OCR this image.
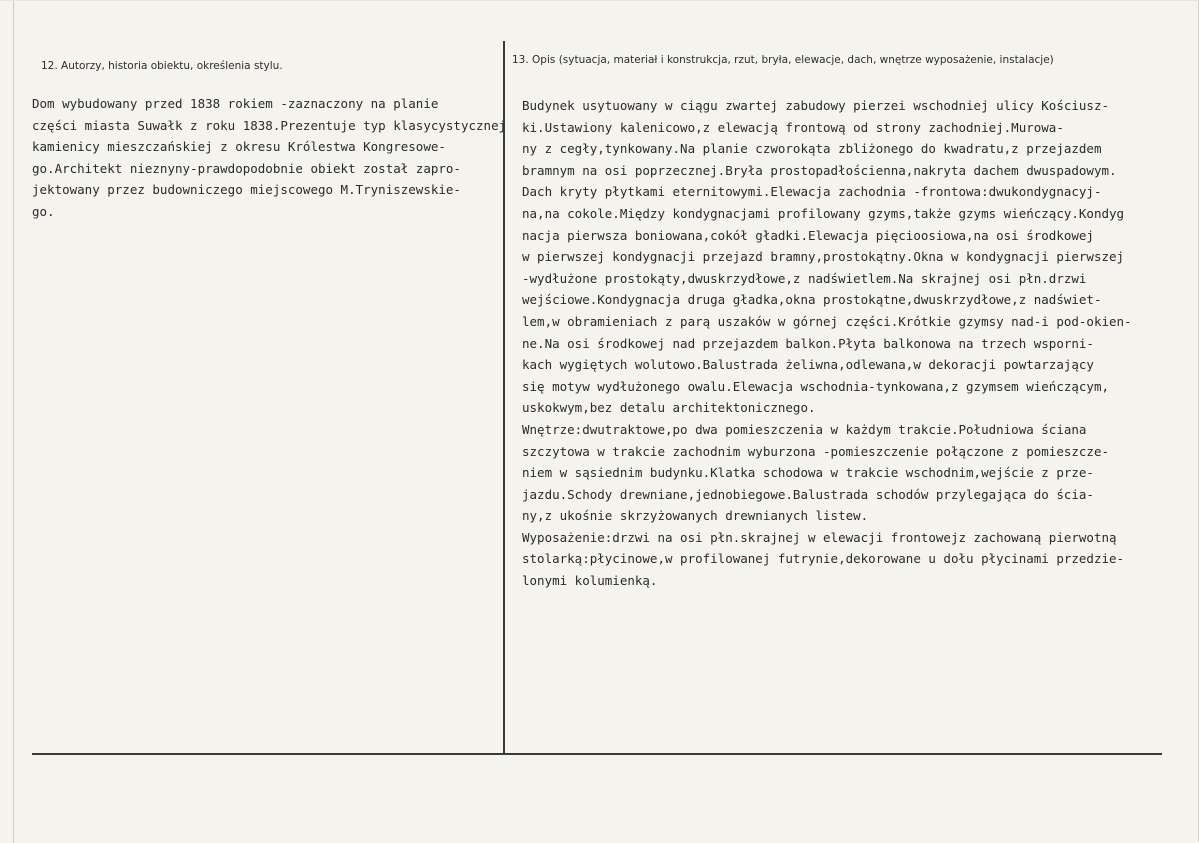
12. Autorzy, historia obiektu, określenia stylu.	13. Opis (sytuacja, materiał i konstrukcja, rzut, bryła, elewacje, dach, wnętrze wyposażenie, instalacje)
Dom wybudowany przed 1838 rokiem -zaznaczony na planie
części miasta Suwałk z roku 1838.Prezentuje typ klasycystycznej
kamienicy mieszczańskiej z okresu Królestwa Kongresowe-
go.Architekt nieznyny-prawdopodobnie obiekt został zapro-
jektowany przez budowniczego miejscowego M.Tryniszewskie-
go.
Budynek usytuowany w ciągu zwartej zabudowy pierzei wschodniej ulicy Kościusz-
ki.Ustawiony kalenicowo,z elewacją frontową od strony zachodniej.Murowa-
ny z cegły,tynkowany.Na planie czworokąta zbliżonego do kwadratu,z przejazdem
bramnym na osi poprzecznej.Bryła prostopadłościenna,nakryta dachem dwuspadowym.
Dach kryty płytkami eternitowymi.Elewacja zachodnia -frontowa:dwukondygnacyj-
na,na cokole.Między kondygnacjami profilowany gzyms,także gzyms wieńczący.Kondyg
nacja pierwsza boniowana,cokół gładki.Elewacja pięcioosiowa,na osi środkowej
w pierwszej kondygnacji przejazd bramny,prostokątny.Okna w kondygnacji pierwszej
-wydłużone prostokąty,dwuskrzydłowe,z nadświetlem.Na skrajnej osi płn.drzwi
wejściowe.Kondygnacja druga gładka,okna prostokątne,dwuskrzydłowe,z nadświet-
lem,w obramieniach z parą uszaków w górnej części.Krótkie gzymsy nad-i pod-okien-
ne.Na osi środkowej nad przejazdem balkon.Płyta balkonowa na trzech wsporni-
kach wygiętych wolutowo.Balustrada żeliwna,odlewana,w dekoracji powtarzający
się motyw wydłużonego owalu.Elewacja wschodnia-tynkowana,z gzymsem wieńczącym,
uskokwym,bez detalu architektonicznego.
Wnętrze:dwutraktowe,po dwa pomieszczenia w każdym trakcie.Południowa ściana
szczytowa w trakcie zachodnim wyburzona -pomieszczenie połączone z pomieszcze-
niem w sąsiednim budynku.Klatka schodowa w trakcie wschodnim,wejście z prze-
jazdu.Schody drewniane,jednobiegowe.Balustrada schodów przylegająca do ścia-
ny,z ukośnie skrzyżowanych drewnianych listew.
Wyposażenie:drzwi na osi płn.skrajnej w elewacji frontowejz zachowaną pierwotną
stolarką:płycinowe,w profilowanej futrynie,dekorowane u dołu płycinami przedzie-
lonymi kolumienką.
